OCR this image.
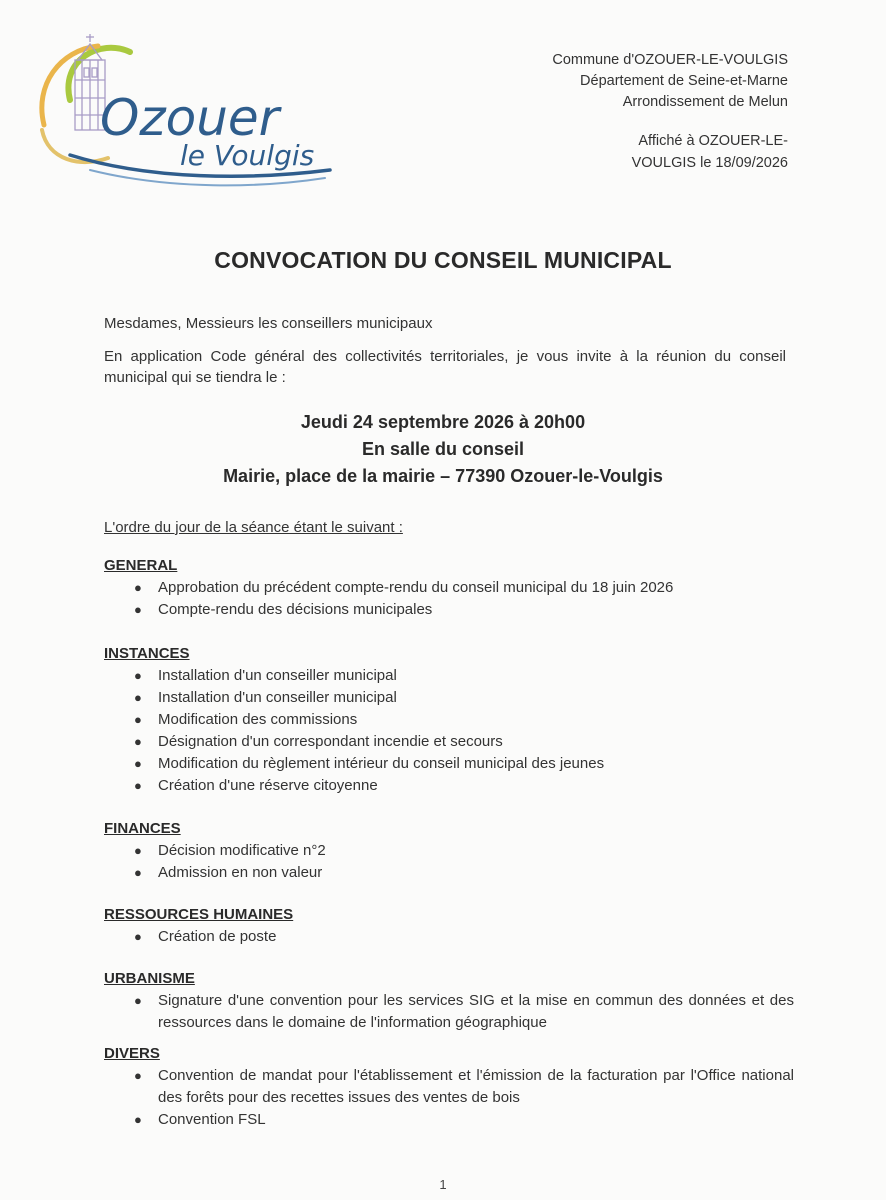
Ozouer
le Voulgis
Commune d'OZOUER-LE-VOULGIS
Département de Seine-et-Marne
Arrondissement de Melun
Affiché à OZOUER-LE-
VOULGIS le 18/09/2026
CONVOCATION DU CONSEIL MUNICIPAL
Mesdames, Messieurs les conseillers municipaux
En application Code général des collectivités territoriales, je vous invite à la réunion du conseil municipal qui se tiendra le :
Jeudi 24 septembre 2026 à 20h00
En salle du conseil
Mairie, place de la mairie – 77390 Ozouer-le-Voulgis
L'ordre du jour de la séance étant le suivant :
GENERAL
● Approbation du précédent compte-rendu du conseil municipal du 18 juin 2026
● Compte-rendu des décisions municipales
INSTANCES
● Installation d'un conseiller municipal
● Installation d'un conseiller municipal
● Modification des commissions
● Désignation d'un correspondant incendie et secours
● Modification du règlement intérieur du conseil municipal des jeunes
● Création d'une réserve citoyenne
FINANCES
● Décision modificative n°2
● Admission en non valeur
RESSOURCES HUMAINES
● Création de poste
URBANISME
● Signature d'une convention pour les services SIG et la mise en commun des données et des ressources dans le domaine de l'information géographique
DIVERS
● Convention de mandat pour l'établissement et l'émission de la facturation par l'Office national des forêts pour des recettes issues des ventes de bois
● Convention FSL
1
